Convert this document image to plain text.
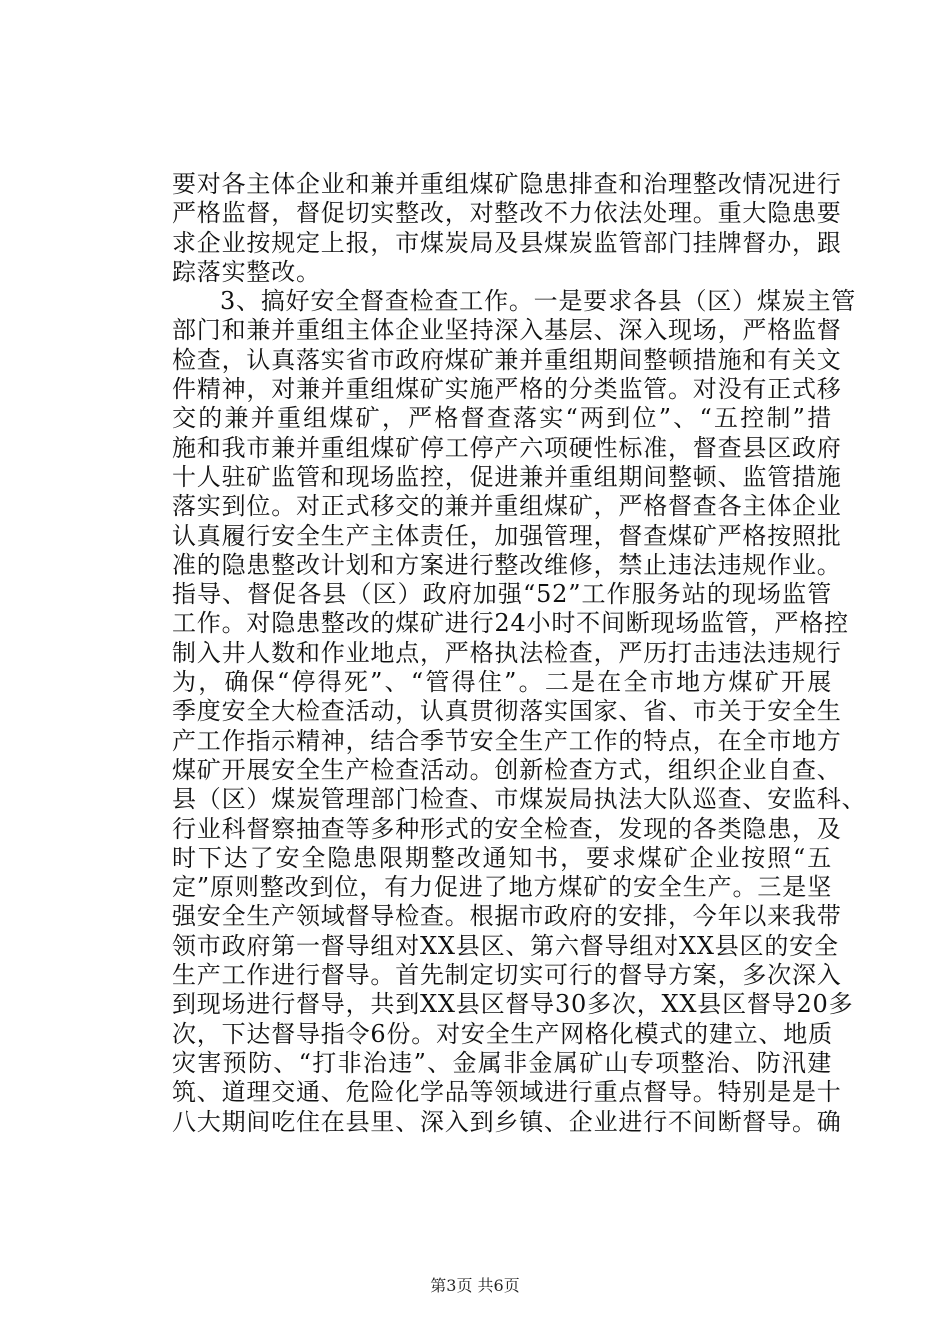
要对各主体企业和兼并重组煤矿隐患排查和治理整改情况进行
严格监督，督促切实整改，对整改不力依法处理。重大隐患要
求企业按规定上报，市煤炭局及县煤炭监管部门挂牌督办，跟
踪落实整改。
3、搞好安全督查检查工作。一是要求各县（区）煤炭主管
部门和兼并重组主体企业坚持深入基层、深入现场，严格监督
检查，认真落实省市政府煤矿兼并重组期间整顿措施和有关文
件精神，对兼并重组煤矿实施严格的分类监管。对没有正式移
交的兼并重组煤矿，严格督查落实“两到位”、“五控制”措
施和我市兼并重组煤矿停工停产六项硬性标准，督查县区政府
十人驻矿监管和现场监控，促进兼并重组期间整顿、监管措施
落实到位。对正式移交的兼并重组煤矿，严格督查各主体企业
认真履行安全生产主体责任，加强管理，督查煤矿严格按照批
准的隐患整改计划和方案进行整改维修，禁止违法违规作业。
指导、督促各县（区）政府加强“52”工作服务站的现场监管
工作。对隐患整改的煤矿进行24小时不间断现场监管，严格控
制入井人数和作业地点，严格执法检查，严历打击违法违规行
为，确保“停得死”、“管得住”。二是在全市地方煤矿开展
季度安全大检查活动，认真贯彻落实国家、省、市关于安全生
产工作指示精神，结合季节安全生产工作的特点，在全市地方
煤矿开展安全生产检查活动。创新检查方式，组织企业自查、
县（区）煤炭管理部门检查、市煤炭局执法大队巡查、安监科、
行业科督察抽查等多种形式的安全检查，发现的各类隐患，及
时下达了安全隐患限期整改通知书，要求煤矿企业按照“五
定”原则整改到位，有力促进了地方煤矿的安全生产。三是坚
强安全生产领域督导检查。根据市政府的安排，今年以来我带
领市政府第一督导组对XX县区、第六督导组对XX县区的安全
生产工作进行督导。首先制定切实可行的督导方案，多次深入
到现场进行督导，共到XX县区督导30多次，XX县区督导20多
次，下达督导指令6份。对安全生产网格化模式的建立、地质
灾害预防、“打非治违”、金属非金属矿山专项整治、防汛建
筑、道理交通、危险化学品等领域进行重点督导。特别是是十
八大期间吃住在县里、深入到乡镇、企业进行不间断督导。确
第3页 共6页
